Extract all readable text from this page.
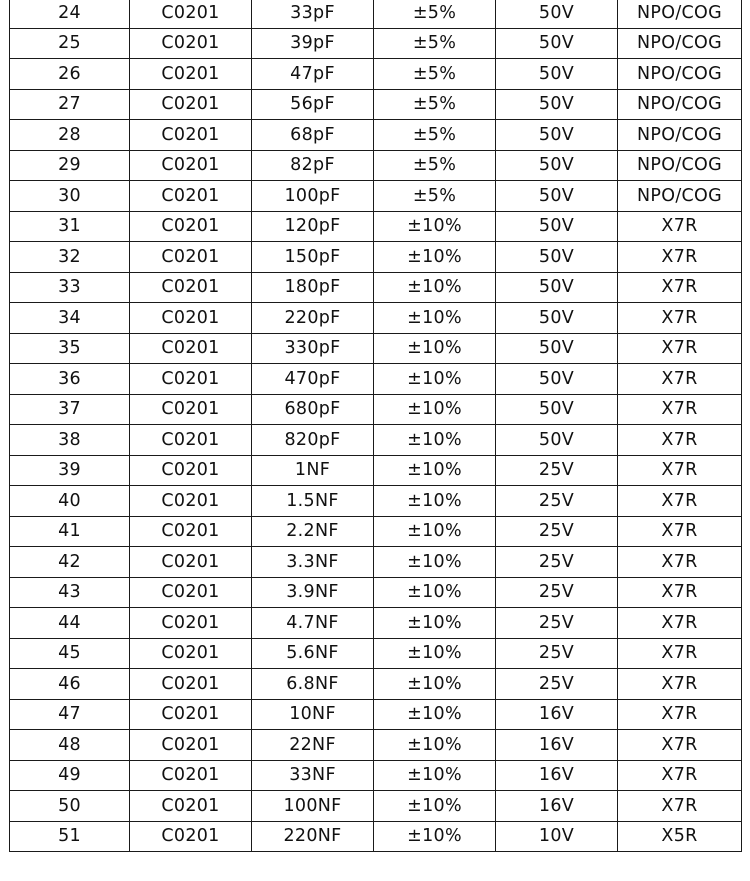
24	C0201	33pF	±5%	50V	NPO/COG
25	C0201	39pF	±5%	50V	NPO/COG
26	C0201	47pF	±5%	50V	NPO/COG
27	C0201	56pF	±5%	50V	NPO/COG
28	C0201	68pF	±5%	50V	NPO/COG
29	C0201	82pF	±5%	50V	NPO/COG
30	C0201	100pF	±5%	50V	NPO/COG
31	C0201	120pF	±10%	50V	X7R
32	C0201	150pF	±10%	50V	X7R
33	C0201	180pF	±10%	50V	X7R
34	C0201	220pF	±10%	50V	X7R
35	C0201	330pF	±10%	50V	X7R
36	C0201	470pF	±10%	50V	X7R
37	C0201	680pF	±10%	50V	X7R
38	C0201	820pF	±10%	50V	X7R
39	C0201	1NF	±10%	25V	X7R
40	C0201	1.5NF	±10%	25V	X7R
41	C0201	2.2NF	±10%	25V	X7R
42	C0201	3.3NF	±10%	25V	X7R
43	C0201	3.9NF	±10%	25V	X7R
44	C0201	4.7NF	±10%	25V	X7R
45	C0201	5.6NF	±10%	25V	X7R
46	C0201	6.8NF	±10%	25V	X7R
47	C0201	10NF	±10%	16V	X7R
48	C0201	22NF	±10%	16V	X7R
49	C0201	33NF	±10%	16V	X7R
50	C0201	100NF	±10%	16V	X7R
51	C0201	220NF	±10%	10V	X5R
